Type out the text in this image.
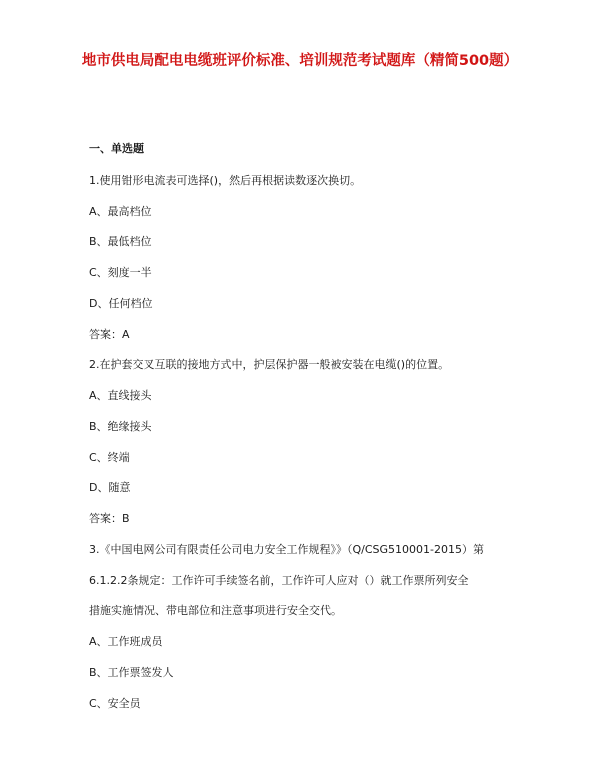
地市供电局配电电缆班评价标准、培训规范考试题库（精简500题）

一、单选题

1.使用钳形电流表可选择()，然后再根据读数逐次换切。

A、最高档位

B、最低档位

C、刻度一半

D、任何档位

答案：A

2.在护套交叉互联的接地方式中，护层保护器一般被安装在电缆()的位置。

A、直线接头

B、绝缘接头

C、终端

D、随意

答案：B

3.《中国电网公司有限责任公司电力安全工作规程》》（Q/CSG510001-2015）第

6.1.2.2条规定：工作许可手续签名前，工作许可人应对（）就工作票所列安全

措施实施情况、带电部位和注意事项进行安全交代。

A、工作班成员

B、工作票签发人

C、安全员
